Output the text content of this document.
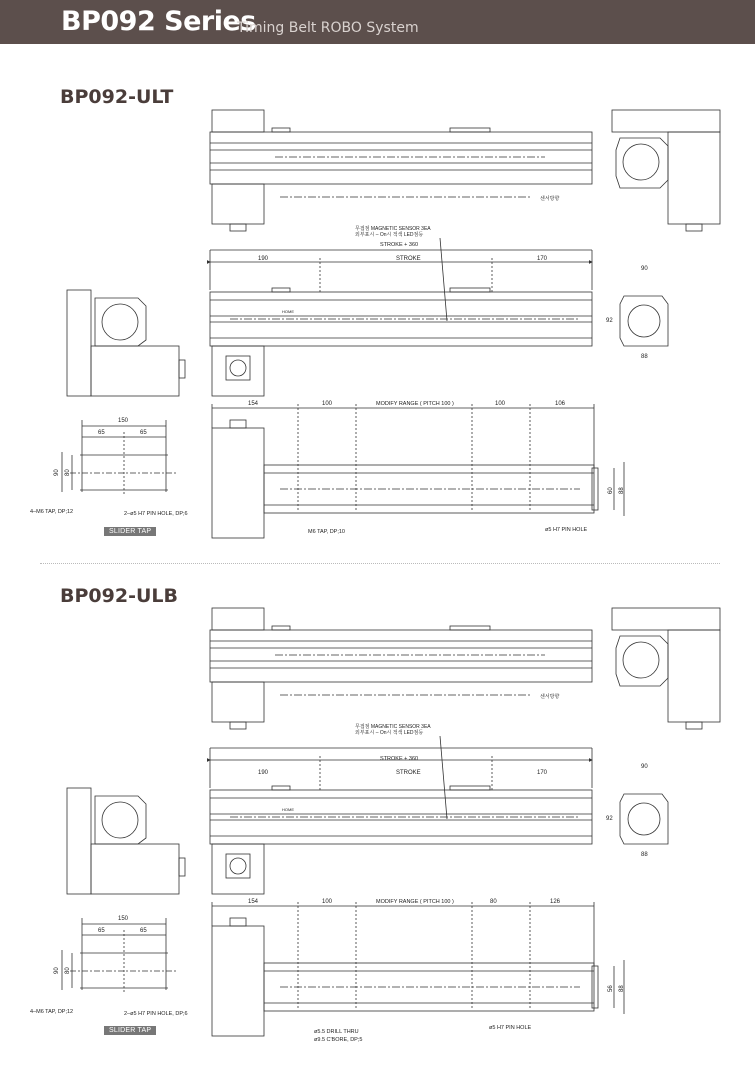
BP092 Series
Timing Belt ROBO System
BP092-ULT
BP092-ULB
SLIDER TAP
SLIDER TAP
센서방향
무접점 MAGNETIC SENSOR 3EA
외부표시 – On시 적색 LED점등
STROKE + 360
190	STROKE	170
90
92
88
HOME
154	100	MODIFY RANGE ( PITCH 100 )	100	106
150
65	65
90 80
4–M6 TAP, DP;12	2–ø5 H7 PIN HOLE, DP;6
M6 TAP, DP;10	ø5 H7 PIN HOLE
60 88
센서방향
무접점 MAGNETIC SENSOR 3EA
외부표시 – On시 적색 LED점등
STROKE + 360
190	STROKE	170
90
92
88
HOME
154	100	MODIFY RANGE ( PITCH 100 )	80	126
150
65	65
90 80
4–M6 TAP, DP;12	2–ø5 H7 PIN HOLE, DP;6
ø5.5 DRILL THRU
ø9.5 C'BORE, DP;5
ø5 H7 PIN HOLE
56 88
